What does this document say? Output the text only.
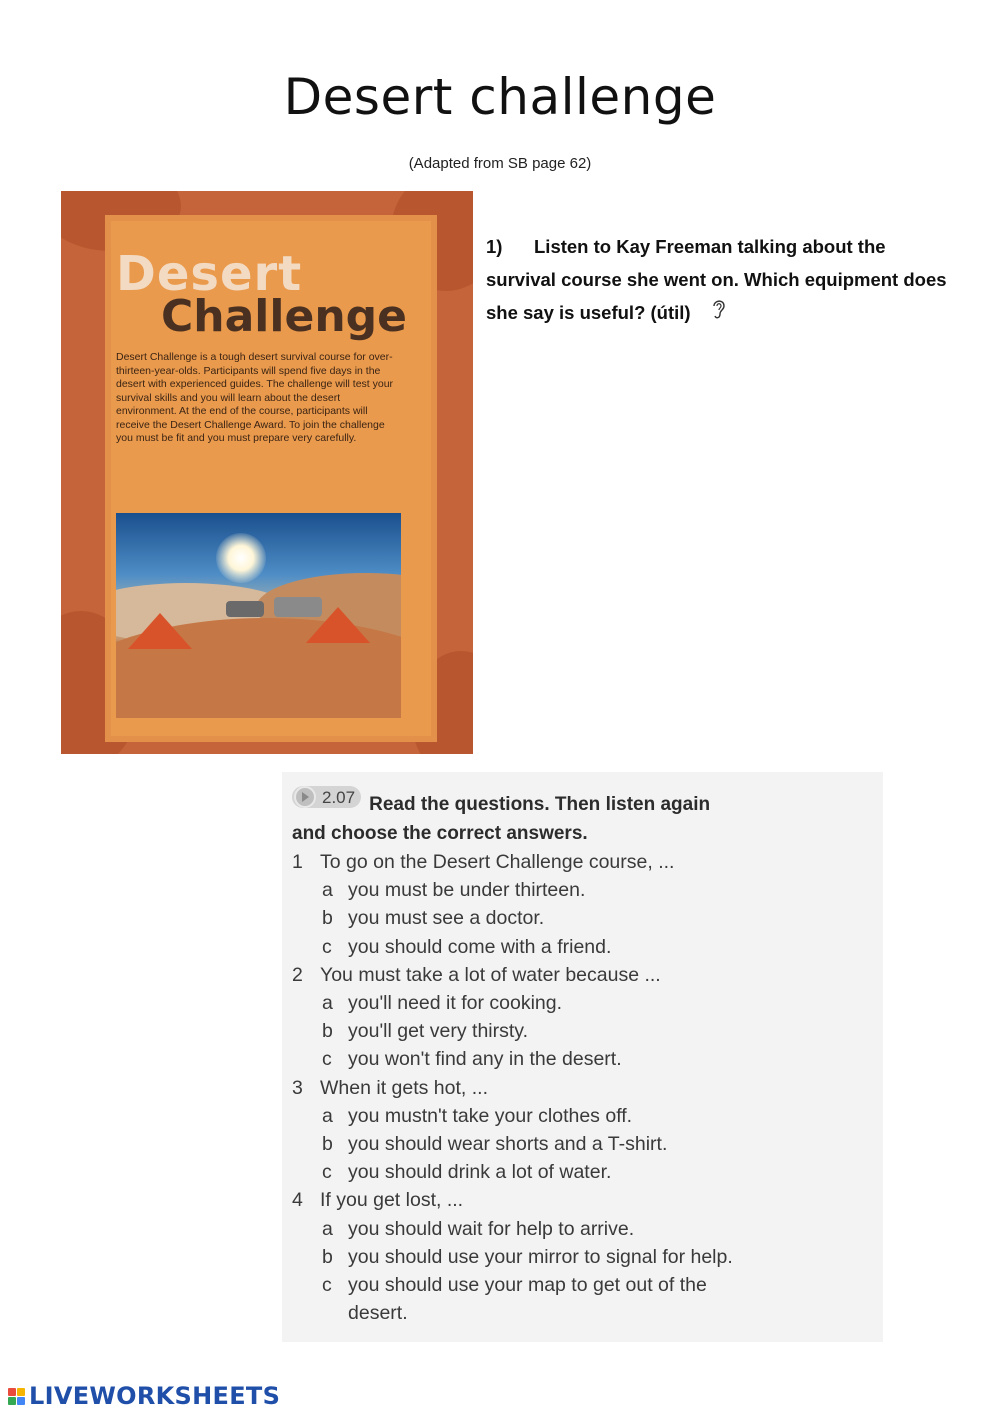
Desert challenge
(Adapted from SB page 62)
Desert
Challenge
Desert Challenge is a tough desert survival course for over-thirteen-year-olds. Participants will spend five days in the desert with experienced guides. The challenge will test your survival skills and you will learn about the desert environment. At the end of the course, participants will receive the Desert Challenge Award. To join the challenge you must be fit and you must prepare very carefully.
1) Listen to Kay Freeman talking about the survival course she went on. Which equipment does she say is useful? (útil)
2.07 Read the questions. Then listen again
and choose the correct answers.
1 To go on the Desert Challenge course, ...
a you must be under thirteen.
b you must see a doctor.
c you should come with a friend.
2 You must take a lot of water because ...
a you'll need it for cooking.
b you'll get very thirsty.
c you won't find any in the desert.
3 When it gets hot, ...
a you mustn't take your clothes off.
b you should wear shorts and a T-shirt.
c you should drink a lot of water.
4 If you get lost, ...
a you should wait for help to arrive.
b you should use your mirror to signal for help.
c you should use your map to get out of the
desert.
LIVEWORKSHEETS
